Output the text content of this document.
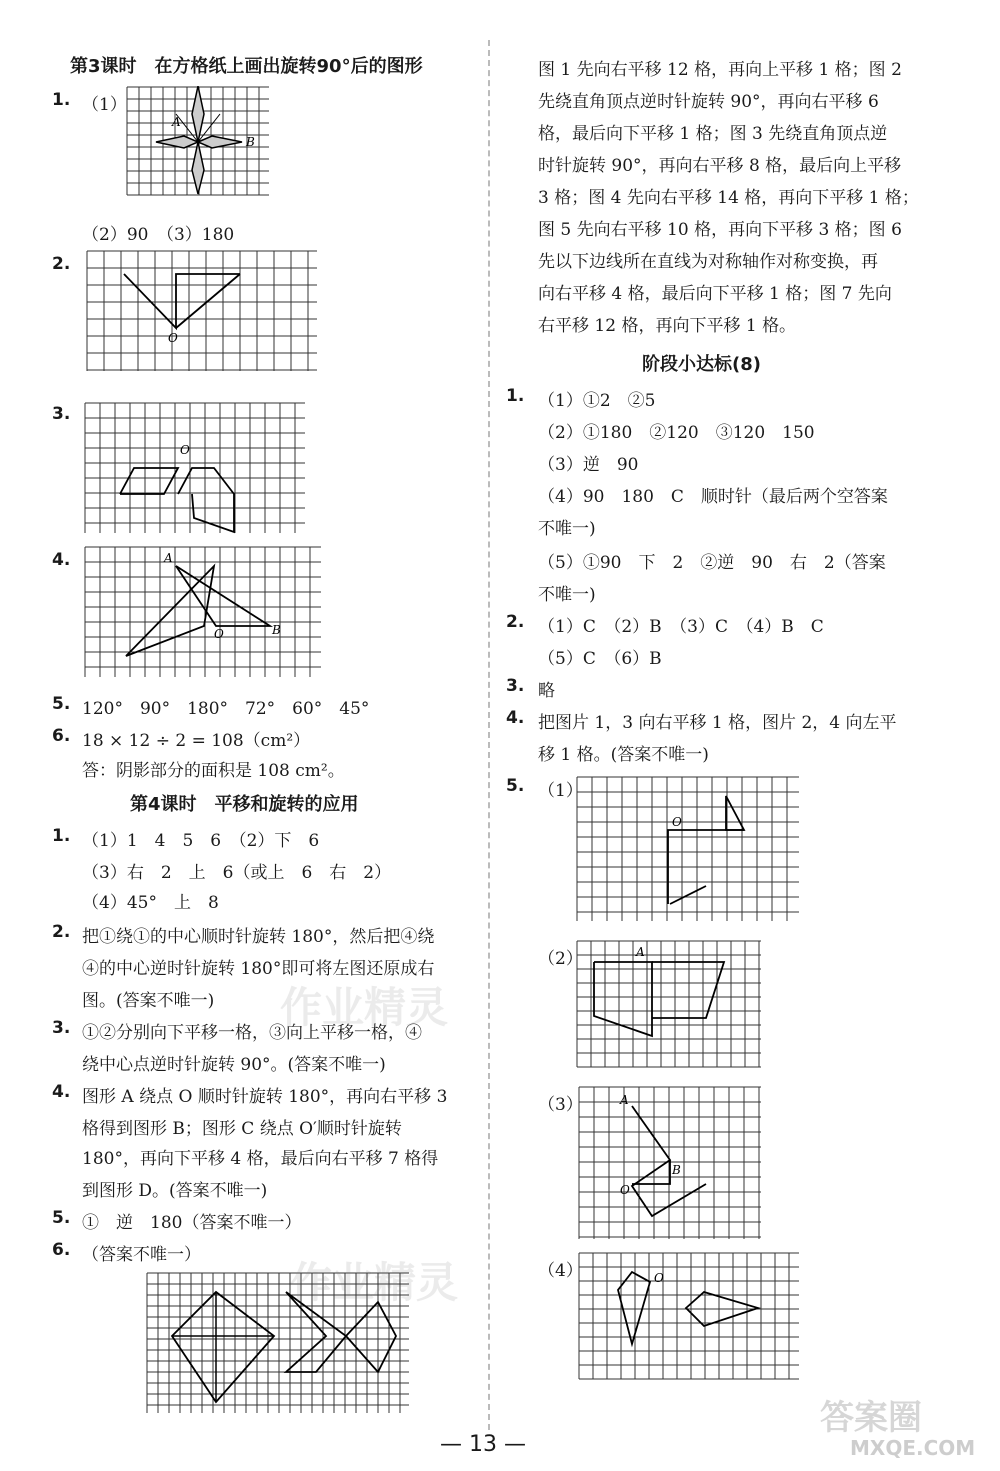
第3课时　在方格纸上画出旋转90°后的图形
1. （1）
A
B
（2）90　（3）180
2.
O
3.
O
4.	A
O	B
5. 120°　90°　180°　72°　60°　45°
6. 18 × 12 ÷ 2 = 108（cm²）
答：阴影部分的面积是 108 cm²。
第4课时　平移和旋转的应用
1. （1）1　4　5　6　（2）下　6
（3）右　2　上　6（或上　6　右　2）
（4）45°　上　8
2. 把①绕①的中心顺时针旋转 180°，然后把④绕
④的中心逆时针旋转 180°即可将左图还原成右
图。(答案不唯一)
3. ①②分别向下平移一格，③向上平移一格，④
绕中心点逆时针旋转 90°。(答案不唯一)
4. 图形 A 绕点 O 顺时针旋转 180°，再向右平移 3
格得到图形 B；图形 C 绕点 O′顺时针旋转
180°，再向下平移 4 格，最后向右平移 7 格得
到图形 D。(答案不唯一)
5. ①　逆　180（答案不唯一）
6. （答案不唯一）
图 1 先向右平移 12 格，再向上平移 1 格；图 2
先绕直角顶点逆时针旋转 90°，再向右平移 6
格，最后向下平移 1 格；图 3 先绕直角顶点逆
时针旋转 90°，再向右平移 8 格，最后向上平移
3 格；图 4 先向右平移 14 格，再向下平移 1 格；
图 5 先向右平移 10 格，再向下平移 3 格；图 6
先以下边线所在直线为对称轴作对称变换，再
向右平移 4 格，最后向下平移 1 格；图 7 先向
右平移 12 格，再向下平移 1 格。
阶段小达标(8)
1. （1）①2　②5
（2）①180　②120　③120　150
（3）逆　90
（4）90　180　C　顺时针（最后两个空答案
不唯一)
（5）①90　下　2　②逆　90　右　2（答案
不唯一)
2. （1）C　（2）B　（3）C　（4）B　C
（5）C　（6）B
3. 略
4. 把图片 1，3 向右平移 1 格，图片 2，4 向左平
移 1 格。(答案不唯一)
5. （1）
O
（2）	A
（3）	A
B
O
（4）	O
— 13 —
作业精灵
作业精灵
答案圈
MXQE.COM
